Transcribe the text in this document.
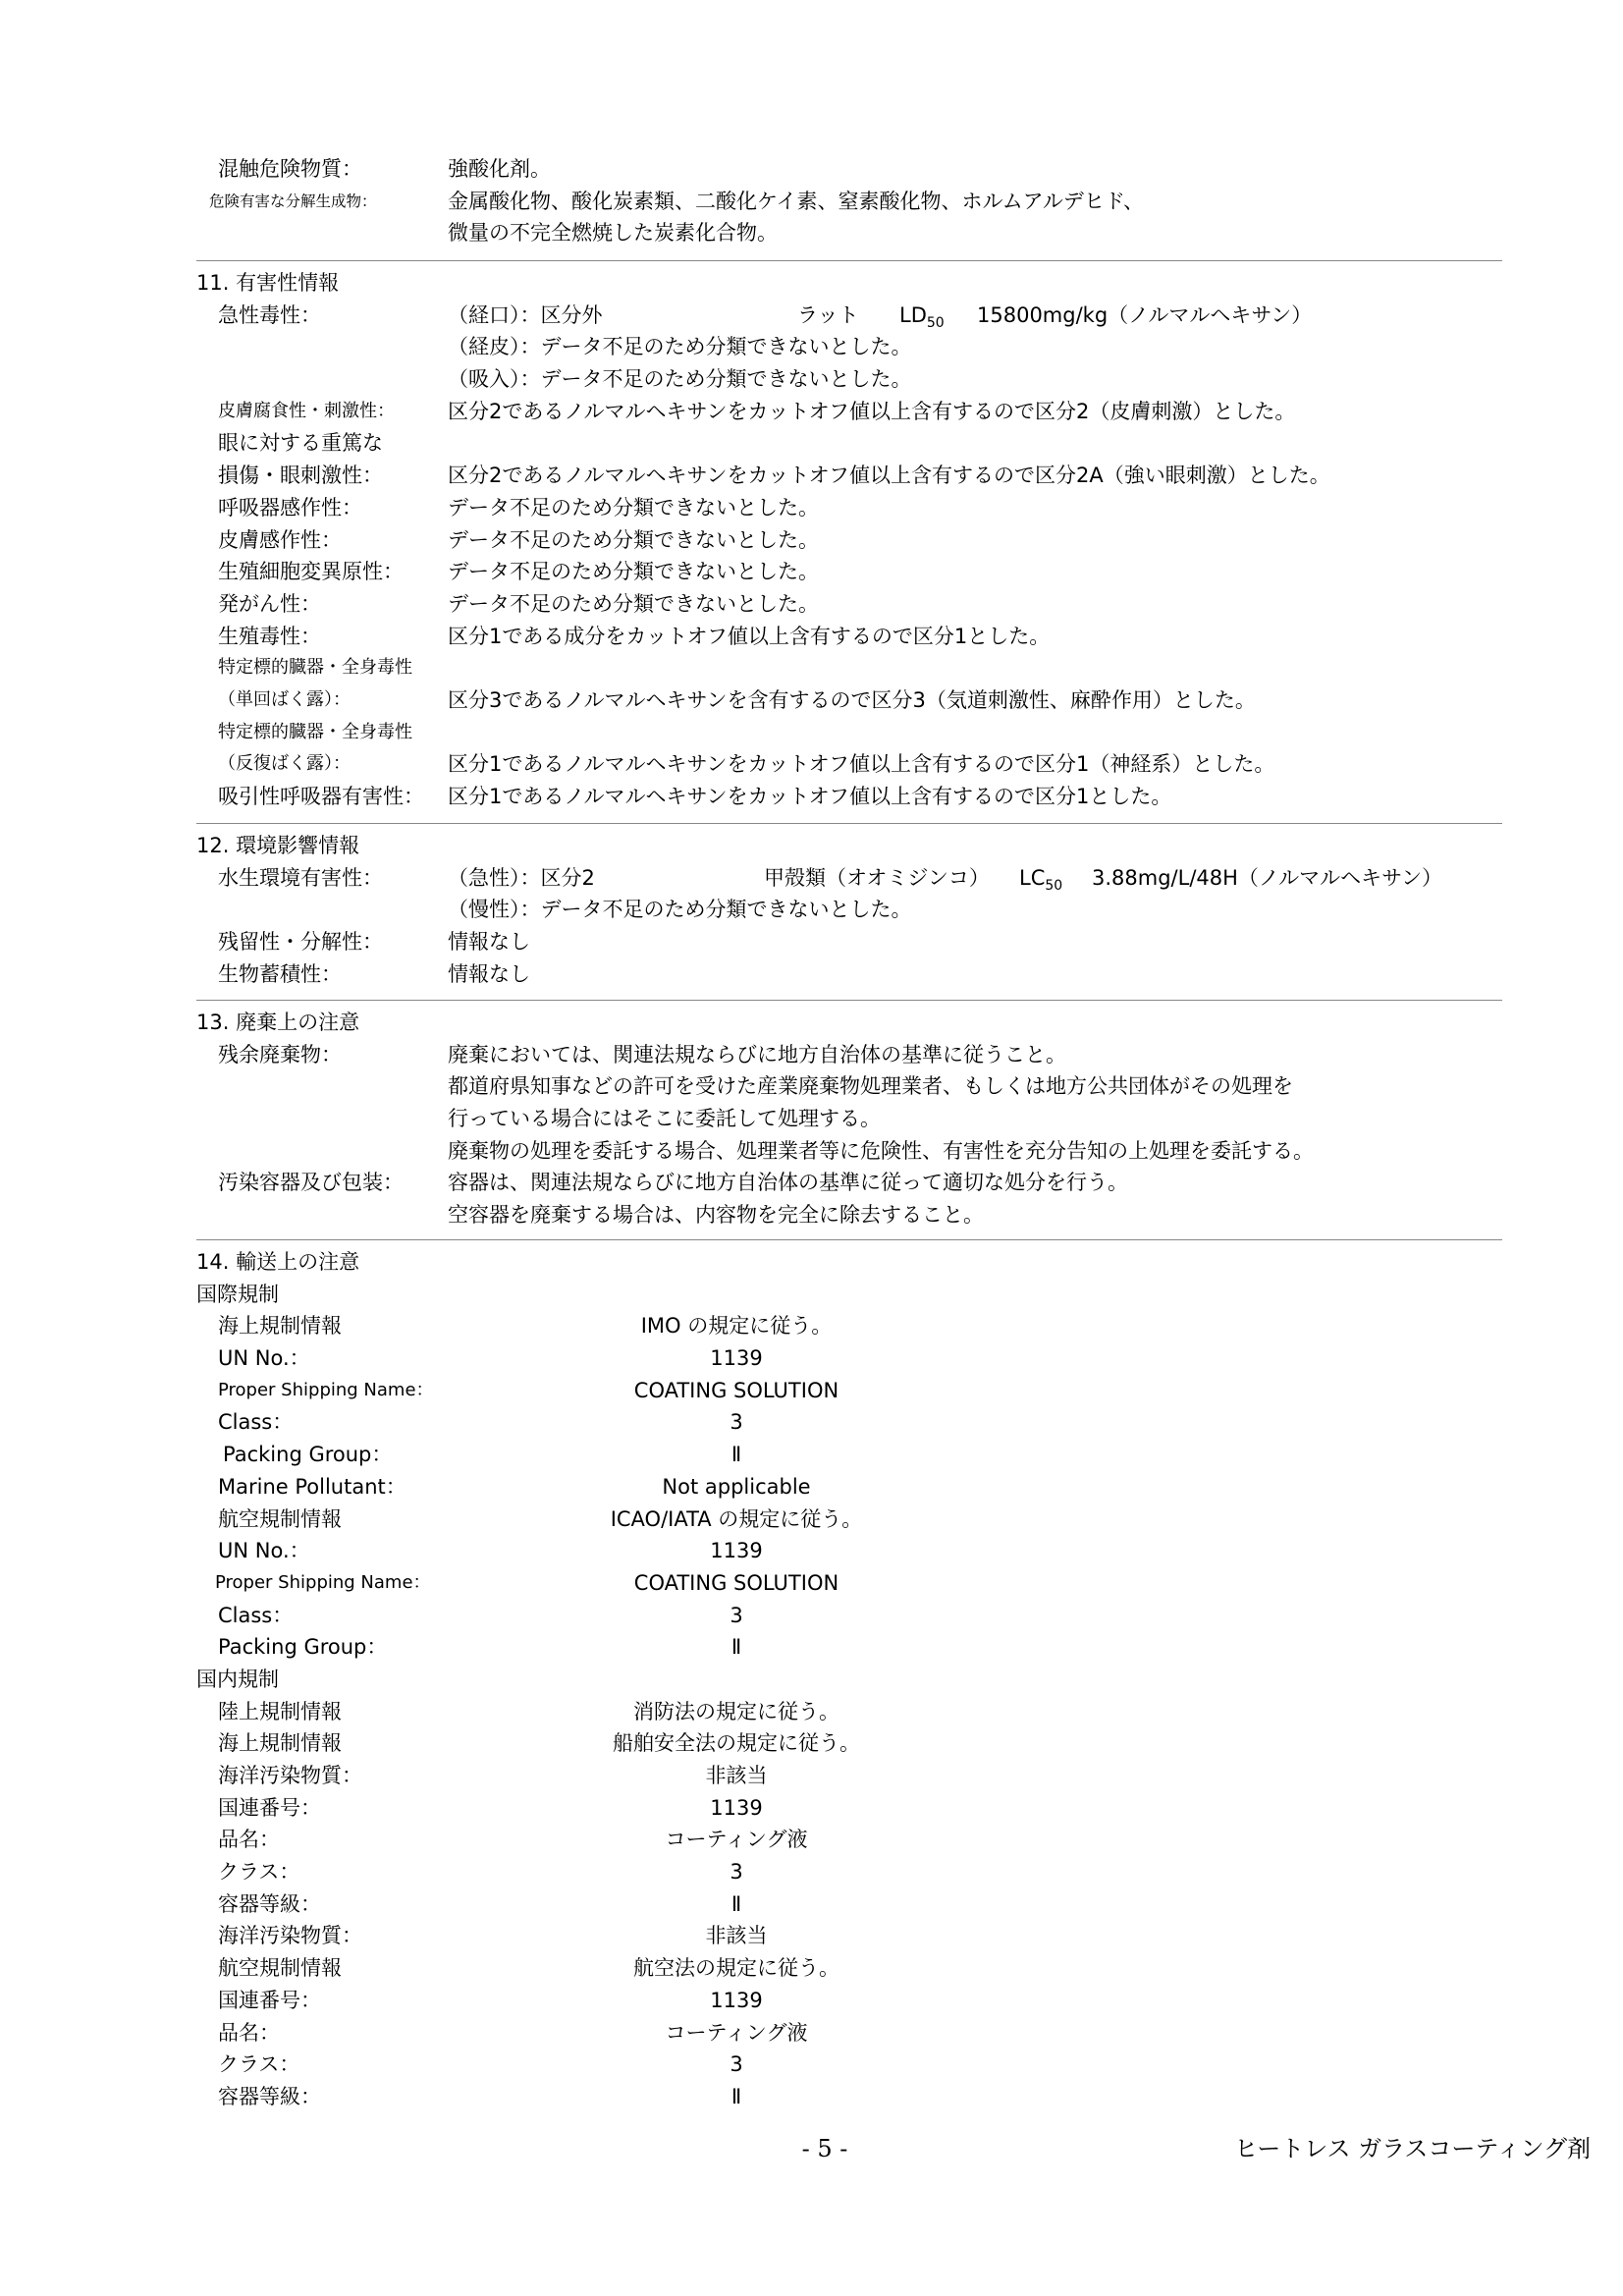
混触危険物質：	強酸化剤。
危険有害な分解生成物：	金属酸化物、酸化炭素類、二酸化ケイ素、窒素酸化物、ホルムアルデヒド、
微量の不完全燃焼した炭素化合物。
11. 有害性情報
急性毒性：	（経口）：区分外	ラット $LD_{50}$ 15800mg/kg（ノルマルヘキサン）
（経皮）：データ不足のため分類できないとした。
（吸入）：データ不足のため分類できないとした。
皮膚腐食性・刺激性：	区分2であるノルマルヘキサンをカットオフ値以上含有するので区分2（皮膚刺激）とした。
眼に対する重篤な
損傷・眼刺激性：	区分2であるノルマルヘキサンをカットオフ値以上含有するので区分2A（強い眼刺激）とした。
呼吸器感作性：	データ不足のため分類できないとした。
皮膚感作性：	データ不足のため分類できないとした。
生殖細胞変異原性： データ不足のため分類できないとした。
発がん性：	データ不足のため分類できないとした。
生殖毒性：	区分1である成分をカットオフ値以上含有するので区分1とした。
特定標的臓器・全身毒性
（単回ばく露）：	区分3であるノルマルヘキサンを含有するので区分3（気道刺激性、麻酔作用）とした。
特定標的臓器・全身毒性
（反復ばく露）：	区分1であるノルマルヘキサンをカットオフ値以上含有するので区分1（神経系）とした。
吸引性呼吸器有害性： 区分1であるノルマルヘキサンをカットオフ値以上含有するので区分1とした。
12. 環境影響情報
水生環境有害性：	（急性）：区分2	甲殻類（オオミジンコ） $LC_{50}$ 3.88mg/L/48H（ノルマルヘキサン）
（慢性）：データ不足のため分類できないとした。
残留性・分解性：	情報なし
生物蓄積性：	情報なし
13. 廃棄上の注意
残余廃棄物：	廃棄においては、関連法規ならびに地方自治体の基準に従うこと。
都道府県知事などの許可を受けた産業廃棄物処理業者、もしくは地方公共団体がその処理を
行っている場合にはそこに委託して処理する。
廃棄物の処理を委託する場合、処理業者等に危険性、有害性を充分告知の上処理を委託する。
汚染容器及び包装： 容器は、関連法規ならびに地方自治体の基準に従って適切な処分を行う。
空容器を廃棄する場合は、内容物を完全に除去すること。
14. 輸送上の注意
国際規制
海上規制情報	IMO の規定に従う。
UN No.：	1139
Proper Shipping Name：	COATING SOLUTION
Class：	3
Packing Group：	Ⅱ
Marine Pollutant：	Not applicable
航空規制情報	ICAO/IATA の規定に従う。
UN No.：	1139
Proper Shipping Name：	COATING SOLUTION
Class：	3
Packing Group：	Ⅱ
国内規制
陸上規制情報	消防法の規定に従う。
海上規制情報	船舶安全法の規定に従う。
海洋汚染物質：	非該当
国連番号：	1139
品名：	コーティング液
クラス：	3
容器等級：	Ⅱ
海洋汚染物質：	非該当
航空規制情報	航空法の規定に従う。
国連番号：	1139
品名：	コーティング液
クラス：	3
容器等級：	Ⅱ
- 5 -	ヒートレス ガラスコーティング剤
